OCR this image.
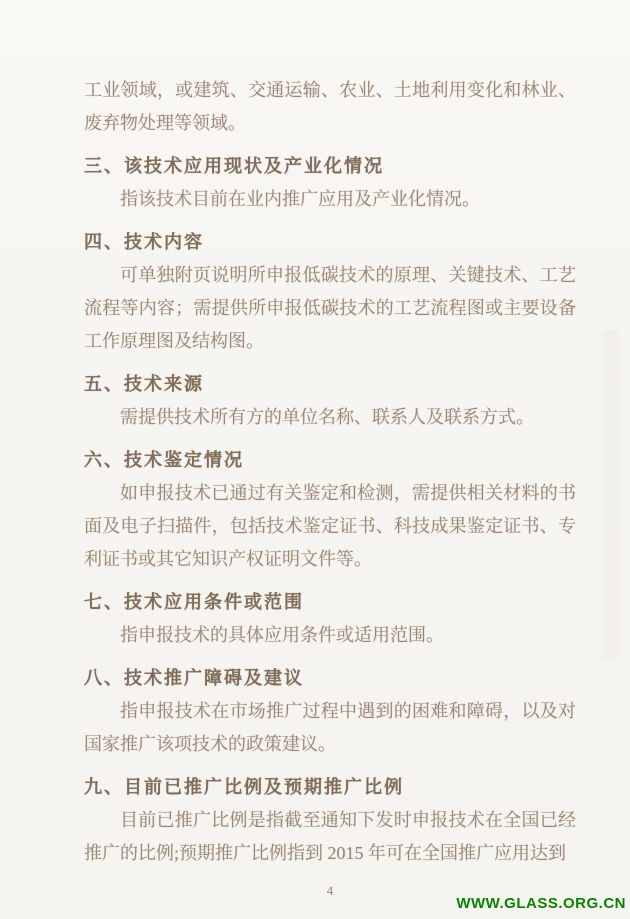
工业领域，或建筑、交通运输、农业、土地利用变化和林业、废弃物处理等领域。

三、该技术应用现状及产业化情况

指该技术目前在业内推广应用及产业化情况。

四、技术内容

可单独附页说明所申报低碳技术的原理、关键技术、工艺流程等内容；需提供所申报低碳技术的工艺流程图或主要设备工作原理图及结构图。

五、技术来源

需提供技术所有方的单位名称、联系人及联系方式。

六、技术鉴定情况

如申报技术已通过有关鉴定和检测，需提供相关材料的书面及电子扫描件，包括技术鉴定证书、科技成果鉴定证书、专利证书或其它知识产权证明文件等。

七、技术应用条件或范围

指申报技术的具体应用条件或适用范围。

八、技术推广障碍及建议

指申报技术在市场推广过程中遇到的困难和障碍，以及对国家推广该项技术的政策建议。

九、目前已推广比例及预期推广比例

目前已推广比例是指截至通知下发时申报技术在全国已经推广的比例;预期推广比例指到 2015 年可在全国推广应用达到

4
WWW.GLASS.ORG.CN
